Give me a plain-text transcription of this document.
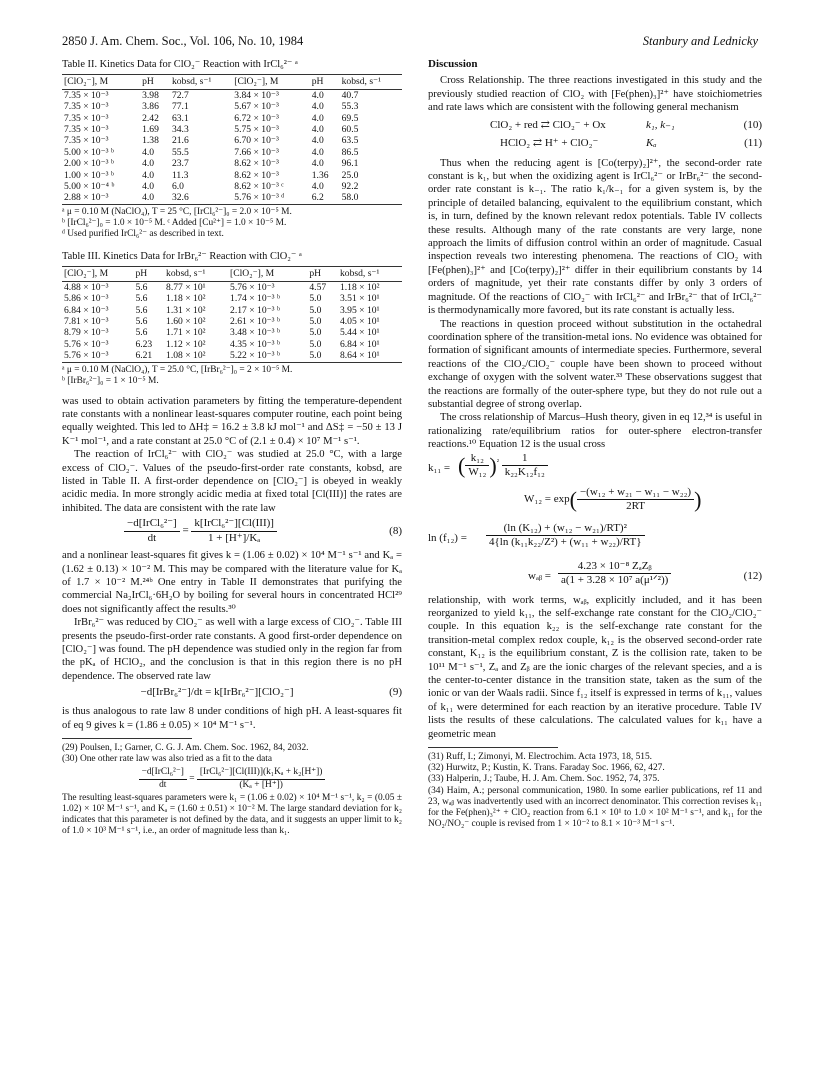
2850 J. Am. Chem. Soc., Vol. 106, No. 10, 1984	Stanbury and Lednicky
Table II. Kinetics Data for ClO₂⁻ Reaction with IrCl₆²⁻ ᵃ
[ClO₂⁻], M	pH	kobsd, s⁻¹	[ClO₂⁻], M	pH	kobsd, s⁻¹
7.35 × 10⁻³	3.98	72.7	3.84 × 10⁻³	4.0	40.7
7.35 × 10⁻³	3.86	77.1	5.67 × 10⁻³	4.0	55.3
7.35 × 10⁻³	2.42	63.1	6.72 × 10⁻³	4.0	69.5
7.35 × 10⁻³	1.69	34.3	5.75 × 10⁻³	4.0	60.5
7.35 × 10⁻³	1.38	21.6	6.70 × 10⁻³	4.0	63.5
5.00 × 10⁻³ ᵇ	4.0	55.5	7.66 × 10⁻³	4.0	86.5
2.00 × 10⁻³ ᵇ	4.0	23.7	8.62 × 10⁻³	4.0	96.1
1.00 × 10⁻³ ᵇ	4.0	11.3	8.62 × 10⁻³	1.36	25.0
5.00 × 10⁻⁴ ᵇ	4.0	6.0	8.62 × 10⁻³ ᶜ	4.0	92.2
2.88 × 10⁻³	4.0	32.6	5.76 × 10⁻³ ᵈ	6.2	58.0
ᵃ μ = 0.10 M (NaClO₄), T = 25 °C, [IrCl₆²⁻]₀ = 2.0 × 10⁻⁵ M.
ᵇ [IrCl₆²⁻]₀ = 1.0 × 10⁻⁵ M. ᶜ Added [Cu²⁺] = 1.0 × 10⁻⁵ M.
ᵈ Used purified IrCl₆²⁻ as described in text.
Table III. Kinetics Data for IrBr₆²⁻ Reaction with ClO₂⁻ ᵃ
[ClO₂⁻], M	pH	kobsd, s⁻¹	[ClO₂⁻], M	pH	kobsd, s⁻¹
4.88 × 10⁻³	5.6	8.77 × 10¹	5.76 × 10⁻³	4.57	1.18 × 10²
5.86 × 10⁻³	5.6	1.18 × 10²	1.74 × 10⁻³ ᵇ	5.0	3.51 × 10¹
6.84 × 10⁻³	5.6	1.31 × 10²	2.17 × 10⁻³ ᵇ	5.0	3.95 × 10¹
7.81 × 10⁻³	5.6	1.60 × 10²	2.61 × 10⁻³ ᵇ	5.0	4.05 × 10¹
8.79 × 10⁻³	5.6	1.71 × 10²	3.48 × 10⁻³ ᵇ	5.0	5.44 × 10¹
5.76 × 10⁻³	6.23	1.12 × 10²	4.35 × 10⁻³ ᵇ	5.0	6.84 × 10¹
5.76 × 10⁻³	6.21	1.08 × 10²	5.22 × 10⁻³ ᵇ	5.0	8.64 × 10¹
ᵃ μ = 0.10 M (NaClO₄), T = 25.0 °C, [IrBr₆²⁻]₀ = 2 × 10⁻⁵ M.
ᵇ [IrBr₆²⁻]₀ = 1 × 10⁻⁵ M.

was used to obtain activation parameters by fitting the temperature-dependent rate constants with a nonlinear least-squares computer routine, each point being equally weighted. This led to ΔH‡ = 16.2 ± 3.8 kJ mol⁻¹ and ΔS‡ = −50 ± 13 J K⁻¹ mol⁻¹, and a rate constant at 25.0 °C of (2.1 ± 0.4) × 10⁷ M⁻¹ s⁻¹.

The reaction of IrCl₆²⁻ with ClO₂⁻ was studied at 25.0 °C, with a large excess of ClO₂⁻. Values of the pseudo-first-order rate constants, kobsd, are listed in Table II. A first-order dependence on [ClO₂⁻] is obeyed in weakly acidic media. In more strongly acidic media at fixed total [Cl(III)] the rates are inhibited. The data are consistent with the rate law

$\frac{\text{−d[IrCl₆²⁻]}}{dt} = \frac{\text{k[IrCl₆²⁻][Cl(III)]}}{\text{1 + [H⁺]/Kₐ}}$	(8)

and a nonlinear least-squares fit gives k = (1.06 ± 0.02) × 10⁴ M⁻¹ s⁻¹ and Kₐ = (1.62 ± 0.13) × 10⁻² M. This may be compared with the literature value for Kₐ of 1.7 × 10⁻² M.²⁴ᵇ One entry in Table II demonstrates that purifying the commercial Na₂IrCl₆·6H₂O by boiling for several hours in concentrated HCl²⁹ does not significantly affect the results.³⁰

IrBr₆²⁻ was reduced by ClO₂⁻ as well with a large excess of ClO₂⁻. Table III presents the pseudo-first-order rate constants. A good first-order dependence on [ClO₂⁻] was found. The pH dependence was studied only in the region far from the pKₐ of HClO₂, and the conclusion is that in this region there is no pH dependence. The observed rate law

−d[IrBr₆²⁻]/dt = k[IrBr₆²⁻][ClO₂⁻]	(9)

is thus analogous to rate law 8 under conditions of high pH. A least-squares fit of eq 9 gives k = (1.86 ± 0.05) × 10⁴ M⁻¹ s⁻¹.

(29) Poulsen, I.; Garner, C. G. J. Am. Chem. Soc. 1962, 84, 2032.
(30) One other rate law was also tried as a fit to the data
$\frac{\text{−d[IrCl₆²⁻]}}{dt} = \frac{\text{[IrCl₆²⁻][Cl(III)](k₁Kₐ + k₂[H⁺])}}{\text{(Kₐ + [H⁺])}}$
The resulting least-squares parameters were k₁ = (1.06 ± 0.02) × 10⁴ M⁻¹ s⁻¹, k₂ = (0.05 ± 1.02) × 10² M⁻¹ s⁻¹, and Kₐ = (1.60 ± 0.51) × 10⁻² M. The large standard deviation for k₂ indicates that this parameter is not defined by the data, and it suggests an upper limit to k₂ of 1.0 × 10³ M⁻¹ s⁻¹, i.e., an order of magnitude less than k₁.
Discussion

Cross Relationship. The three reactions investigated in this study and the previously studied reaction of ClO₂ with [Fe(phen)₃]²⁺ have stoichiometries and rate laws which are consistent with the following general mechanism

ClO₂ + red ⇄ ClO₂⁻ + Ox	k₁, k₋₁	(10)
HClO₂ ⇄ H⁺ + ClO₂⁻	Kₐ	(11)

Thus when the reducing agent is [Co(terpy)₂]²⁺, the second-order rate constant is k₁, but when the oxidizing agent is IrCl₆²⁻ or IrBr₆²⁻ the second-order rate constant is k₋₁. The ratio k₁/k₋₁ for a given system is, by the principle of detailed balancing, equivalent to the equilibrium constant, which is, in turn, defined by the known relevant redox potentials. Table IV collects these results. Although many of the rate constants are very large, none approach the limits of diffusion control within an order of magnitude. Casual inspection reveals two interesting phenomena. The reactions of ClO₂ with [Fe(phen)₃]²⁺ and [Co(terpy)₂]²⁺ differ in their equilibrium constants by 14 orders of magnitude, yet their rate constants differ by only 3 orders of magnitude. Of the reactions of ClO₂⁻ with IrCl₆²⁻ and IrBr₆²⁻ that of IrCl₆²⁻ is thermodynamically more favored, but its rate constant is actually less.

The reactions in question proceed without substitution in the octahedral coordination sphere of the transition-metal ions. No evidence was obtained for formation of significant amounts of intermediate species. Furthermore, several reactions of the ClO₂/ClO₂⁻ couple have been shown to proceed without exchange of oxygen with the solvent water.³³ These observations suggest that the reactions are formally of the outer-sphere type, but they do not rule out a substantial degree of strong overlap.

The cross relationship of Marcus–Hush theory, given in eq 12,³⁴ is useful in rationalizing rate/equilibrium ratios for outer-sphere electron-transfer reactions.¹⁰ Equation 12 is the usual cross

k₁₁ = ( $\frac{\text{k₁₂}}{\text{W₁₂}} )^{^2} \frac{1}{\text{k₂₂K₁₂f₁₂}}$
$W_{12} = \exp( \frac{\text{−(w₁₂ + w₂₁ − w₁₁ − w₂₂)}}{2RT}$ )
$\ln (f_{12}) = \frac{\text{(ln (K₁₂) + (w₁₂ − w₂₁)/RT)²}}{\text{4\{ln (k₁₁k₂₂/Z²) + (w₁₁ + w₂₂)/RT\}}}$
wₐᵦ = $\frac{\text{4.23 × 10⁻⁸ ZₐZᵦ}}{\text{a(1 + 3.28 × 10⁷ a(μ¹ᐟ²))}}$	(12)

relationship, with work terms, wₐᵦ, explicitly included, and it has been reorganized to yield k₁₁, the self-exchange rate constant for the ClO₂/ClO₂⁻ couple. In this equation k₂₂ is the self-exchange rate constant for the transition-metal complex redox couple, k₁₂ is the observed second-order rate constant, K₁₂ is the equilibrium constant, Z is the collision rate, taken to be 10¹¹ M⁻¹ s⁻¹, Zₐ and Zᵦ are the ionic charges of the relevant species, and a is the center-to-center distance in the transition state, taken as the sum of the ionic or van der Waals radii. Since f₁₂ itself is expressed in terms of k₁₁, values of k₁₁ were determined for each reaction by an iterative procedure. Table IV lists the results of these calculations. The calculated values for k₁₁ have a geometric mean

(31) Ruff, I.; Zimonyi, M. Electrochim. Acta 1973, 18, 515.
(32) Hurwitz, P.; Kustin, K. Trans. Faraday Soc. 1966, 62, 427.
(33) Halperin, J.; Taube, H. J. Am. Chem. Soc. 1952, 74, 375.
(34) Haim, A.; personal communication, 1980. In some earlier publications, ref 11 and 23, wₐᵦ was inadvertently used with an incorrect denominator. This correction revises k₁₁ for the Fe(phen)₃²⁺ + ClO₂ reaction from 6.1 × 10¹ to 1.0 × 10² M⁻¹ s⁻¹, and k₁₁ for the NO₂/NO₂⁻ couple is revised from 1 × 10⁻² to 8.1 × 10⁻³ M⁻¹ s⁻¹.
